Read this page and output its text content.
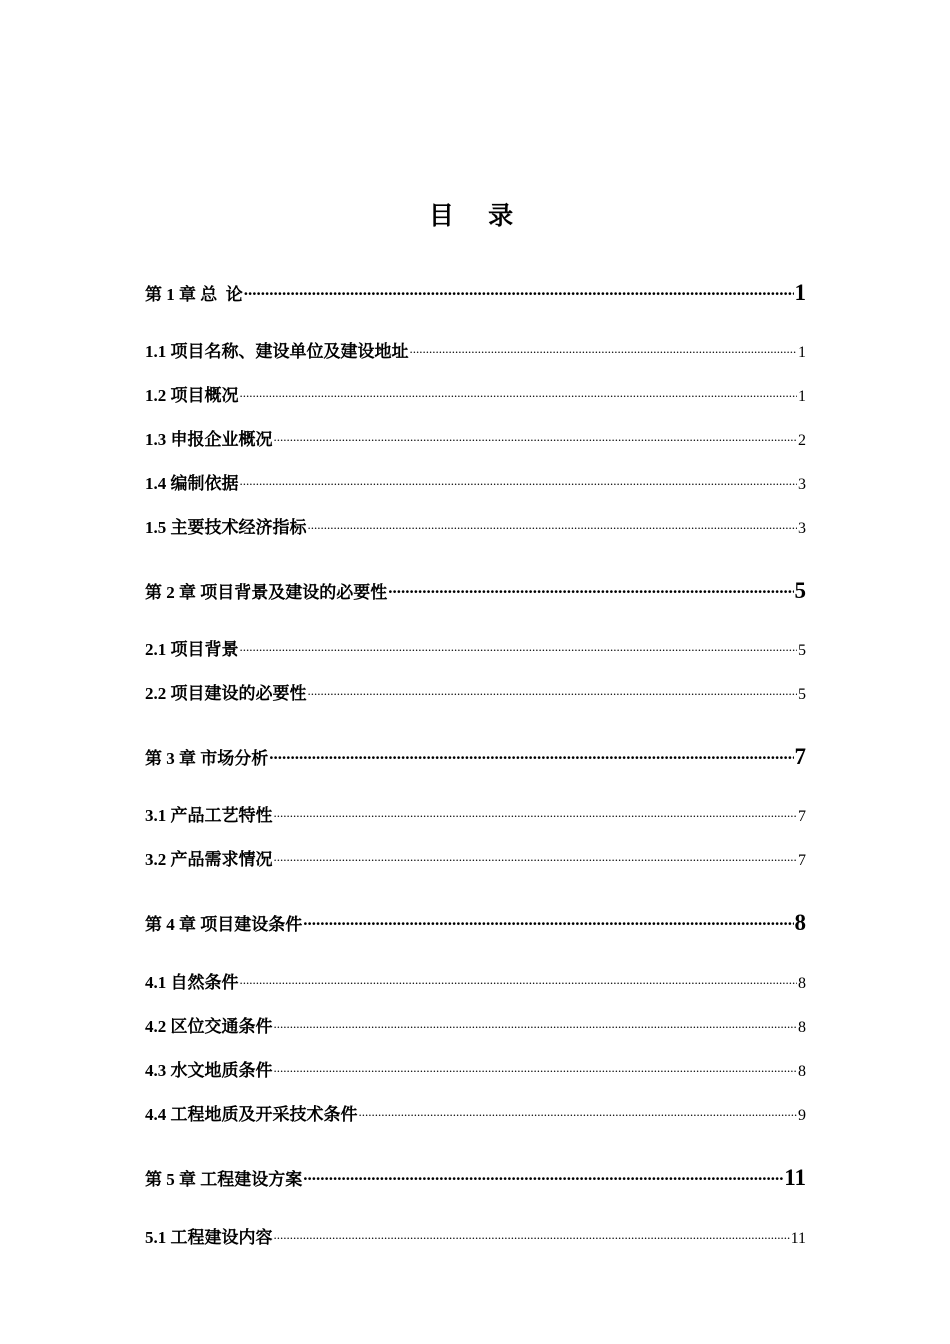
目 录
第 1 章 总  论 .....	1
1.1 项目名称、建设单位及建设地址 .....	1
1.2 项目概况 .....	1
1.3 申报企业概况 .....	2
1.4 编制依据 .....	3
1.5 主要技术经济指标 .....	3
第 2 章 项目背景及建设的必要性 .....	5
2.1 项目背景 .....	5
2.2 项目建设的必要性 .....	5
第 3 章 市场分析 .....	7
3.1 产品工艺特性 .....	7
3.2 产品需求情况 .....	7
第 4 章 项目建设条件 .....	8
4.1 自然条件 .....	8
4.2 区位交通条件 .....	8
4.3 水文地质条件 .....	8
4.4 工程地质及开采技术条件 .....	9
第 5 章 工程建设方案 .....	11
5.1 工程建设内容 .....	11
